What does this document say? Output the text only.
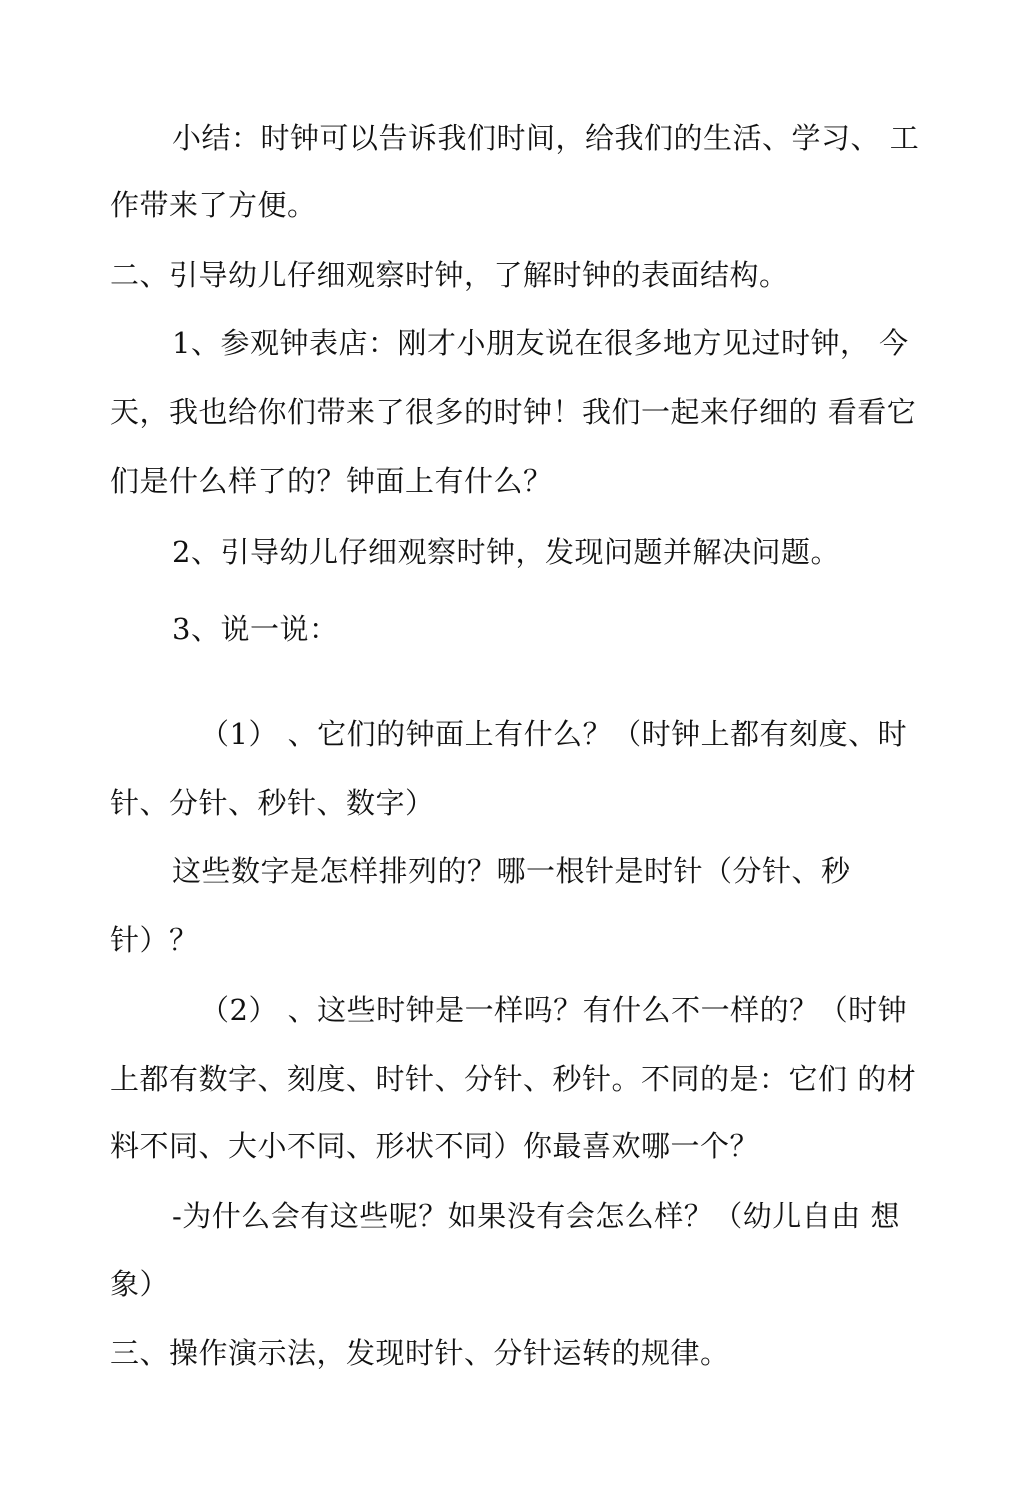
小结：时钟可以告诉我们时间，给我们的生活、学习、 工
作带来了方便。
二、引导幼儿仔细观察时钟，了解时钟的表面结构。
1、参观钟表店：刚才小朋友说在很多地方见过时钟， 今
天，我也给你们带来了很多的时钟！我们一起来仔细的 看看它
们是什么样了的？钟面上有什么？
2、引导幼儿仔细观察时钟，发现问题并解决问题。
3、说一说：
（1） 、它们的钟面上有什么？（时钟上都有刻度、时
针、分针、秒针、数字）
这些数字是怎样排列的？哪一根针是时针（分针、秒
针）？
（2） 、这些时钟是一样吗？有什么不一样的？（时钟
上都有数字、刻度、时针、分针、秒针。不同的是：它们 的材
料不同、大小不同、形状不同）你最喜欢哪一个？
-为什么会有这些呢？如果没有会怎么样？（幼儿自由 想
象）
三、操作演示法，发现时针、分针运转的规律。
